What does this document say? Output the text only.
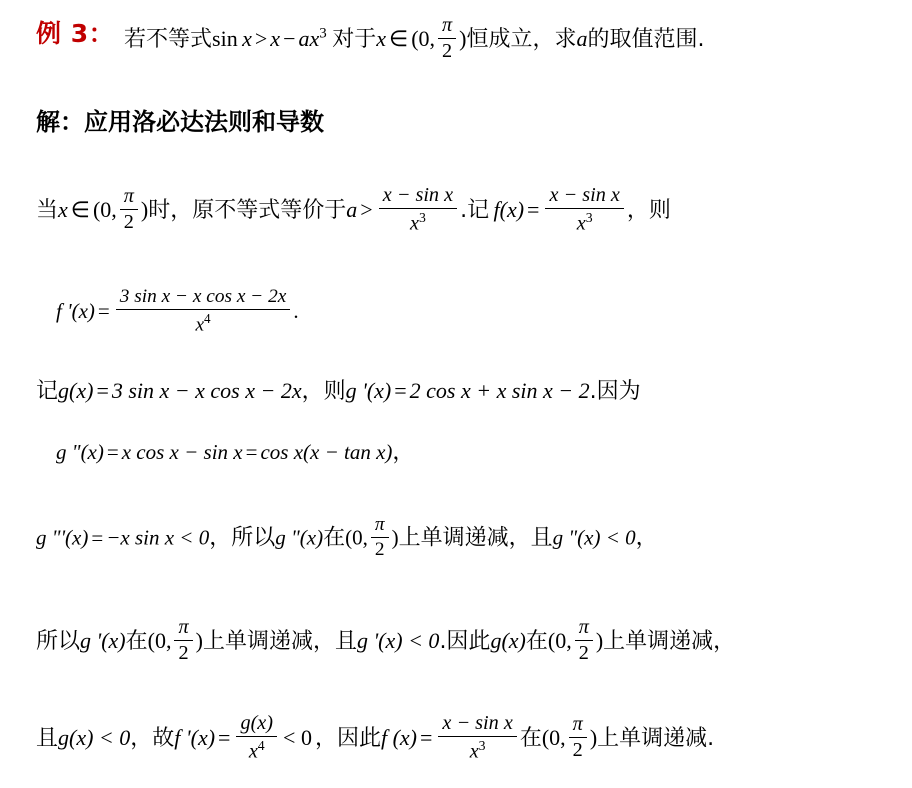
例 3： 若不等式$\sin x > x - ax^3$ 对于x ∈ (0, $\frac{\pi}{2}$ )恒成立，求a的取值范围.
解：应用洛必达法则和导数
当x ∈ (0, $\frac{\pi}{2}$ )时，原不等式等价于$a > \frac{\text{x − sin x}}{x^3}$ .记  $f(x) = \frac{\text{x − sin x}}{x^3}$ ，则
f '$(x) = \frac{\text{3 sin x − x cos x − 2x}}{x^4}$ .
记g(x) = 3 sin x − x cos x − 2x，则g '(x) = 2 cos x + x sin x − 2.因为
g "(x) = x cos x − sin x = cos x(x − tan x)，
g "'(x) = −x sin x < 0，所以g "(x)在(0, $\frac{\pi}{2}$ )上单调递减，且g "(x) < 0，
所以g '(x)在(0, $\frac{\pi}{2}$ )上单调递减，且g '(x) < 0.因此g(x)在(0, $\frac{\pi}{2}$ )上单调递减，
且g(x) < 0，故f '$(x) = \frac{g(x)}{x^4} < 0$ ，因此f $(x) = \frac{\text{x − sin x}}{x^3}$ 在(0, $\frac{\pi}{2}$ )上单调递减.
